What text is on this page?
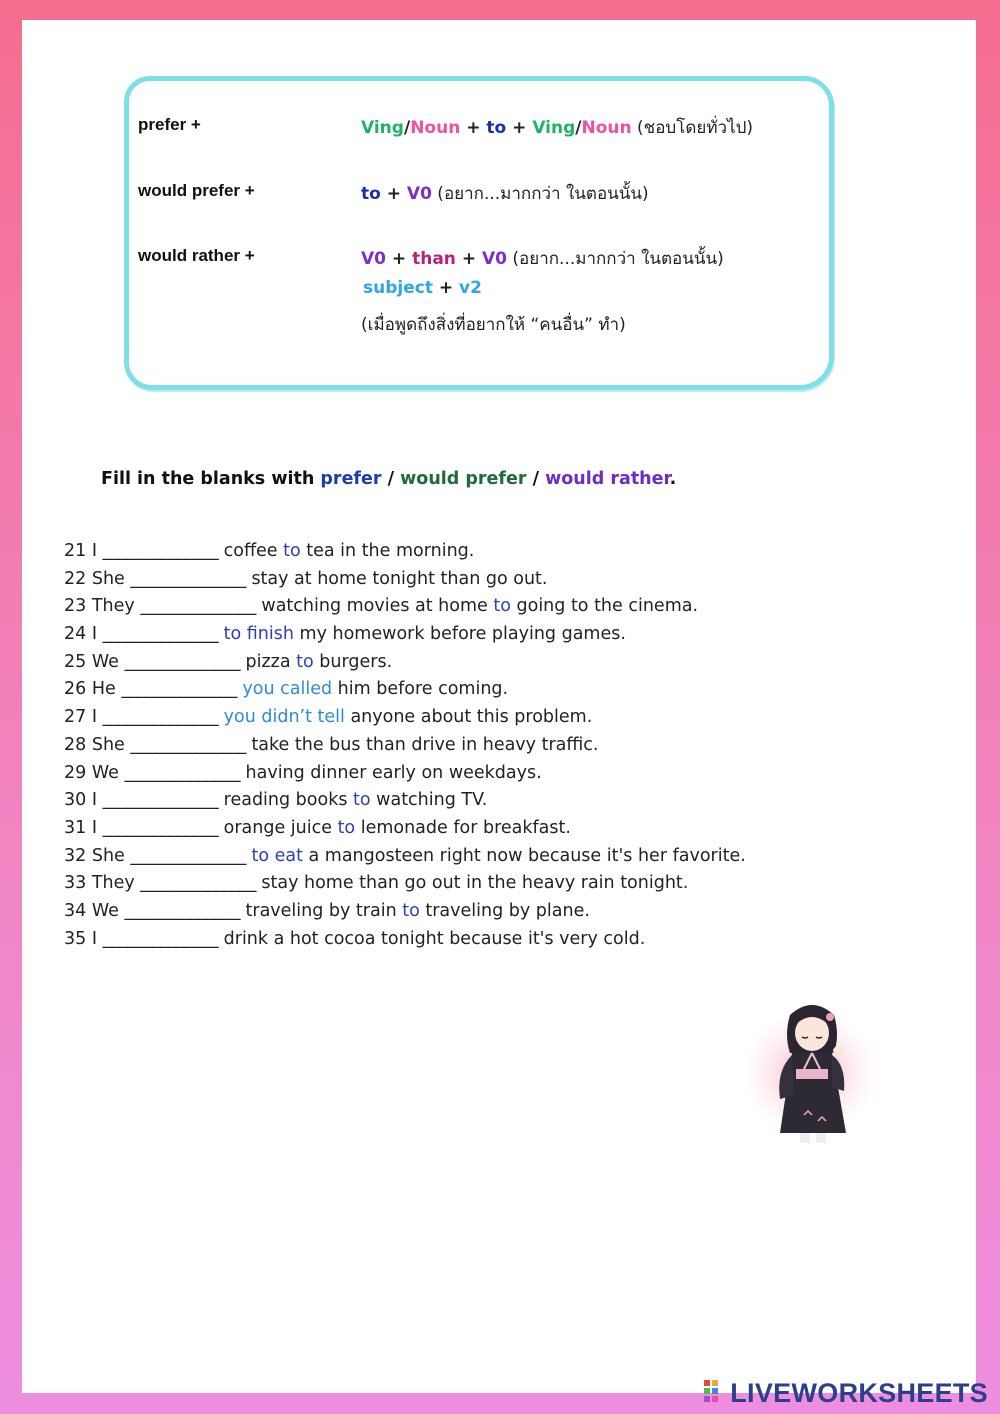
prefer +	Ving/Noun + to + Ving/Noun (ชอบโดยทั่วไป)
would prefer +	to + V0 (อยาก...มากกว่า ในตอนนั้น)
would rather +	V0 + than + V0 (อยาก...มากกว่า ในตอนนั้น)
subject + v2
(เมื่อพูดถึงสิ่งที่อยากให้ “คนอื่น” ทำ)
Fill in the blanks with prefer / would prefer / would rather.
21 I ______________ coffee to tea in the morning.
22 She ______________ stay at home tonight than go out.
23 They ______________ watching movies at home to going to the cinema.
24 I ______________ to finish my homework before playing games.
25 We ______________ pizza to burgers.
26 He ______________ you called him before coming.
27 I ______________ you didn’t tell anyone about this problem.
28 She ______________ take the bus than drive in heavy traffic.
29 We ______________ having dinner early on weekdays.
30 I ______________ reading books to watching TV.
31 I ______________ orange juice to lemonade for breakfast.
32 She ______________ to eat a mangosteen right now because it's her favorite.
33 They ______________ stay home than go out in the heavy rain tonight.
34 We ______________ traveling by train to traveling by plane.
35 I ______________ drink a hot cocoa tonight because it's very cold.
LIVEWORKSHEETS
